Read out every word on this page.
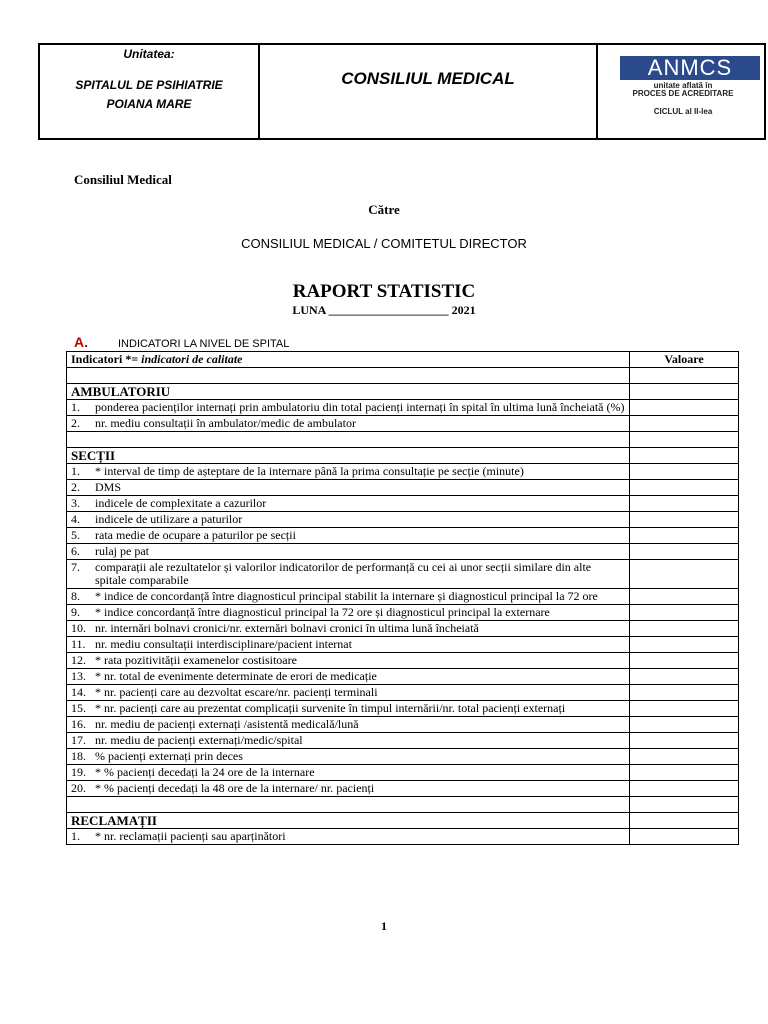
Unitatea:
SPITALUL DE PSIHIATRIE
POIANA MARE
CONSILIUL MEDICAL	ANMCS
unitate aflată în
PROCES DE ACREDITARE
CICLUL al II-lea
Consiliul Medical
Către
CONSILIUL MEDICAL / COMITETUL DIRECTOR
RAPORT STATISTIC
LUNA ____________________ 2021
A.	INDICATORI LA NIVEL DE SPITAL
Indicatori *= indicatori de calitate	Valoare

AMBULATORIU	

1. ponderea pacienților internați prin ambulatoriu din total pacienți internați în spital în ultima lună încheiată (%)	

2. nr. mediu consultații în ambulator/medic de ambulator	

SECȚII	

1. * interval de timp de așteptare de la internare până la prima consultație pe secție (minute)	

2. DMS	

3. indicele de complexitate a cazurilor	

4. indicele de utilizare a paturilor	

5. rata medie de ocupare a paturilor pe secții	

6. rulaj pe pat	

7. comparații ale rezultatelor și valorilor indicatorilor de performanță cu cei ai unor secții similare din alte spitale comparabile	

8. * indice de concordanță între diagnosticul principal stabilit la internare și diagnosticul principal la 72 ore	

9. * indice concordanță între diagnosticul principal la 72 ore și diagnosticul principal la externare	

10. nr. internări bolnavi cronici/nr. externări bolnavi cronici în ultima lună încheiată	

11. nr. mediu consultații interdisciplinare/pacient internat	

12. * rata pozitivității examenelor costisitoare	

13. * nr. total de evenimente determinate de erori de medicație	

14. * nr. pacienți care au dezvoltat escare/nr. pacienți terminali	

15. * nr. pacienți care au prezentat complicații survenite în timpul internării/nr. total pacienți externați	

16. nr. mediu de pacienți externați /asistentă medicală/lună	

17. nr. mediu de pacienți externați/medic/spital	

18. % pacienți externați prin deces	

19. * % pacienți decedați la 24 ore de la internare	

20. * % pacienți decedați la 48 ore de la internare/ nr. pacienți	

RECLAMAȚII	

1. * nr. reclamații pacienți sau aparținători	

1
